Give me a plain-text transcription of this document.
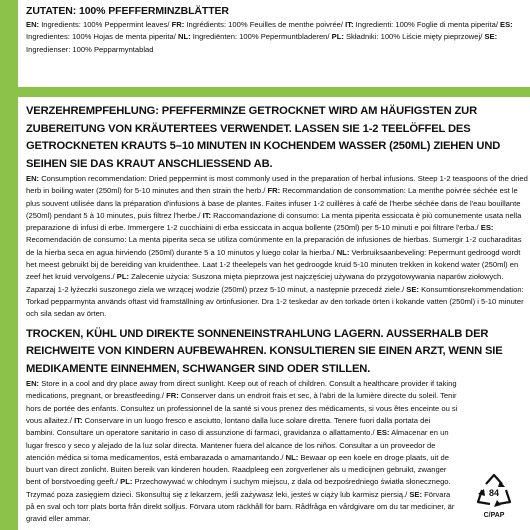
ZUTATEN: 100% PFEFFERMINZBLÄTTER
EN: Ingredients: 100% Peppermint leaves/ FR: Ingrédients: 100% Feuilles de menthe poivrée/ IT: Ingredienti: 100% Foglie di menta piperita/ ES: Ingredientes: 100% Hojas de menta piperita/ NL: Ingrediënten: 100% Pepermuntbladeren/ PL: Składniki: 100% Liście mięty pieprzowej/ SE: Ingredienser: 100% Pepparmyntablad
VERZEHREMPFEHLUNG: PFEFFERMINZE GETROCKNET WIRD AM HÄUFIGSTEN ZUR ZUBEREITUNG VON KRÄUTERTEES VERWENDET. LASSEN SIE 1-2 TEELÖFFEL DES GETROCKNETEN KRAUTS 5–10 MINUTEN IN KOCHENDEM WASSER (250ML) ZIEHEN UND SEIHEN SIE DAS KRAUT ANSCHLIESSEND AB.
EN: Consumption recommendation: Dried peppermint is most commonly used in the preparation of herbal infusions. Steep 1-2 teaspoons of the dried herb in boiling water (250ml) for 5-10 minutes and then strain the herb./ FR: Recommandation de consommation: La menthe poivrée séchée est le plus souvent utilisée dans la préparation d'infusions à base de plantes. Faites infuser 1-2 cuillères à café de l'herbe séchée dans de l'eau bouillante (250ml) pendant 5 à 10 minutes, puis filtrez l'herbe./ IT: Raccomandazione di consumo: La menta piperita essiccata è più comunemente usata nella preparazione di infusi di erbe. Immergere 1-2 cucchiaini di erba essiccata in acqua bollente (250ml) per 5-10 minuti e poi filtrare l'erba./ ES: Recomendación de consumo: La menta piperita seca se utiliza comúnmente en la preparación de infusiones de hierbas. Sumergir 1-2 cucharaditas de la hierba seca en agua hirviendo (250ml) durante 5 a 10 minutos y luego colar la hierba./ NL: Verbruiksaanbeveling: Pepermunt gedroogd wordt het meest gebruikt bij de bereiding van kruidenthee. Laat 1-2 theelepels van het gedroogde kruid 5-10 minuten trekken in kokend water (250ml) en zeef het kruid vervolgens./ PL: Zalecenie użycia: Suszona mięta pieprzowa jest najczęściej używana do przygotowywania naparów ziołowych. Zaparzaj 1-2 łyżeczki suszonego ziela we wrzącej wodzie (250ml) przez 5-10 minut, a następnie przecedź ziele./ SE: Konsumtionsrekommendation: Torkad pepparmynta används oftast vid framställning av örtinfusioner. Dra 1-2 teskedar av den torkade örten i kokande vatten (250ml) i 5-10 minuter och sila sedan av örten.
TROCKEN, KÜHL UND DIREKTE SONNENEINSTRAHLUNG LAGERN. AUSSERHALB DER REICHWEITE VON KINDERN AUFBEWAHREN. KONSULTIEREN SIE EINEN ARZT, WENN SIE MEDIKAMENTE EINNEHMEN, SCHWANGER SIND ODER STILLEN.
EN: Store in a cool and dry place away from direct sunlight. Keep out of reach of children. Consult a healthcare provider if taking medications, pregnant, or breastfeeding./ FR: Conserver dans un endroit frais et sec, à l'abri de la lumière directe du soleil. Tenir hors de portée des enfants. Consultez un professionnel de la santé si vous prenez des médicaments, si vous êtes enceinte ou si vous allaitez./ IT: Conservare in un luogo fresco e asciutto, lontano dalla luce solare diretta. Tenere fuori dalla portata dei bambini. Consultare un operatore sanitario in caso di assunzione di farmaci, gravidanza o allattamento./ ES: Almacenar en un lugar fresco y seco y alejado de la luz solar directa. Mantener fuera del alcance de los niños. Consultar a un proveedor de atención médica si toma medicamentos, está embarazada o amamantando./ NL: Bewaar op een koele en droge plaats, uit de buurt van direct zonlicht. Buiten bereik van kinderen houden. Raadpleeg een zorgverlener als u medicijnen gebruikt, zwanger bent of borstvoeding geeft./ PL: Przechowywać w chłodnym i suchym miejscu, z dala od bezpośredniego światła słonecznego. Trzymać poza zasięgiem dzieci. Skonsultuj się z lekarzem, jeśli zażywasz leki, jesteś w ciąży lub karmisz piersią./ SE: Förvara på en sval och torr plats borta från direkt solljus. Förvara utom räckhåll för barn. Rådfråga en vårdgivare om du tar mediciner, är gravid eller ammar.
84
C/PAP
